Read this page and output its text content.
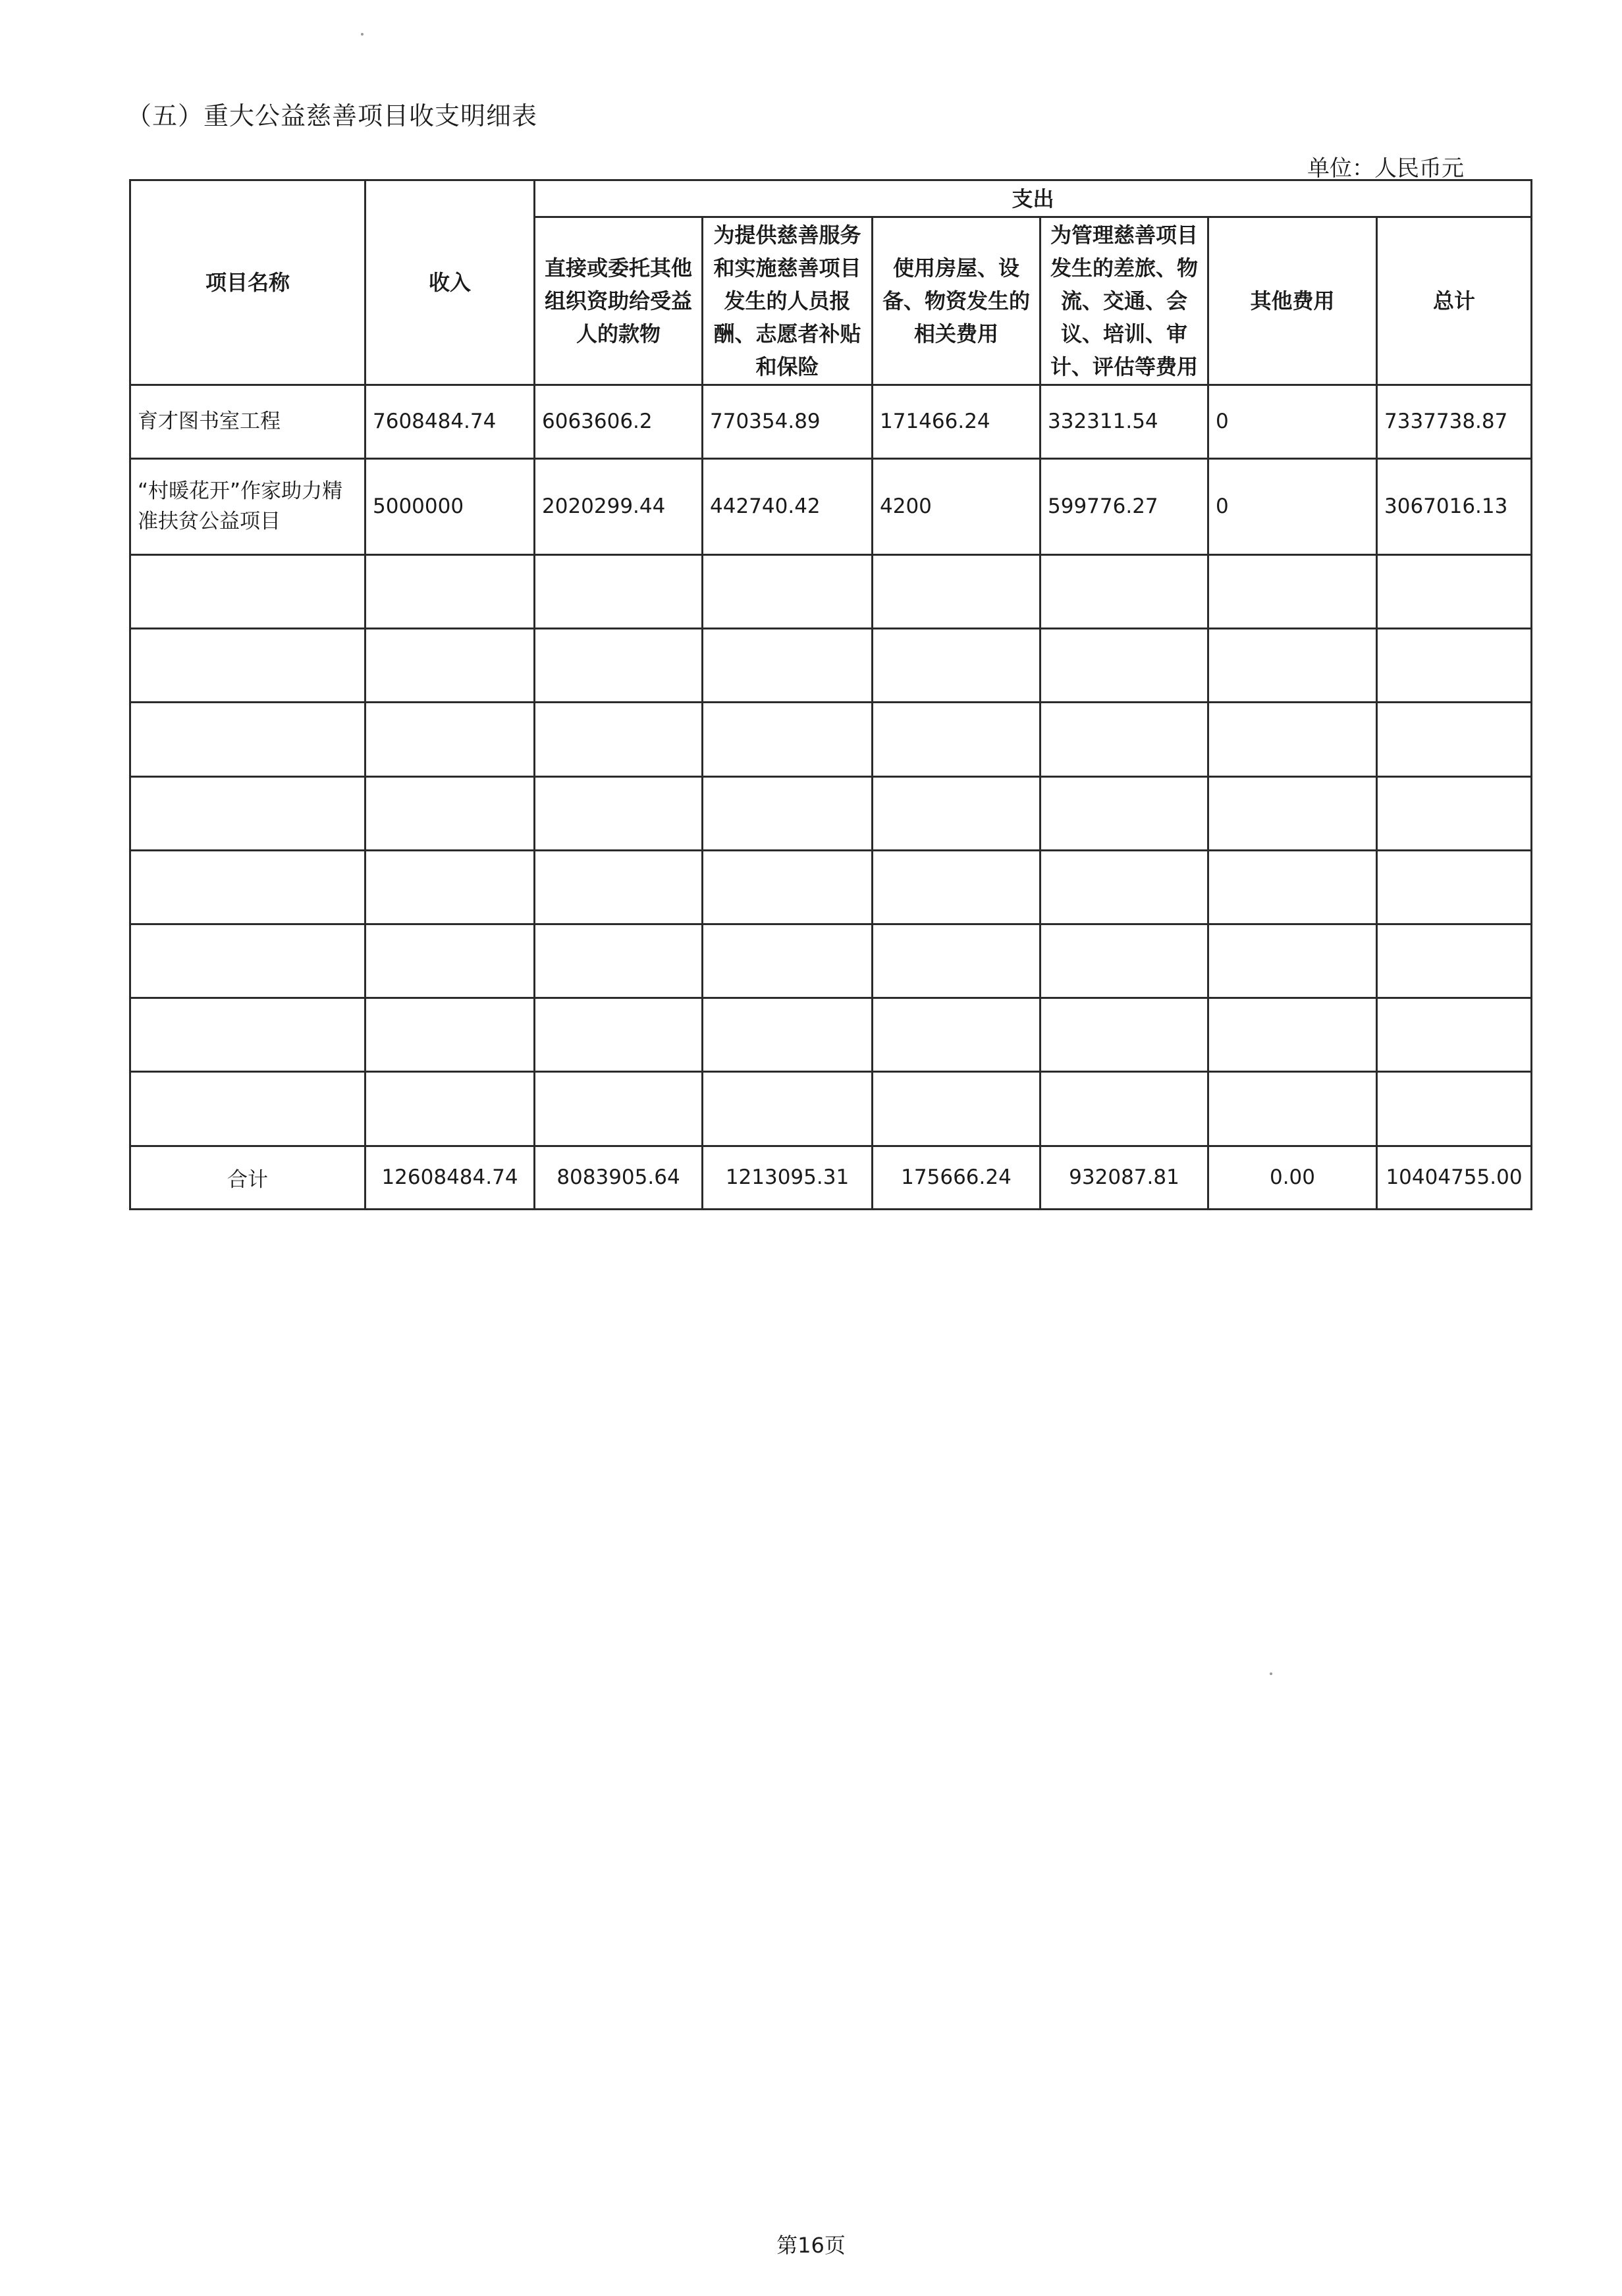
（五）重大公益慈善项目收支明细表
单位：人民币元
项目名称	收入	支出					
		直接或委托其他组织资助给受益人的款物	为提供慈善服务和实施慈善项目发生的人员报酬、志愿者补贴和保险	使用房屋、设备、物资发生的相关费用	为管理慈善项目发生的差旅、物流、交通、会议、培训、审计、评估等费用	其他费用	总计
育才图书室工程	7608484.74	6063606.2	770354.89	171466.24	332311.54	0	7337738.87
“村暖花开”作家助力精准扶贫公益项目	5000000	2020299.44	442740.42	4200	599776.27	0	3067016.13

合计	12608484.74	8083905.64	1213095.31	175666.24	932087.81	0.00	10404755.00
第16页
